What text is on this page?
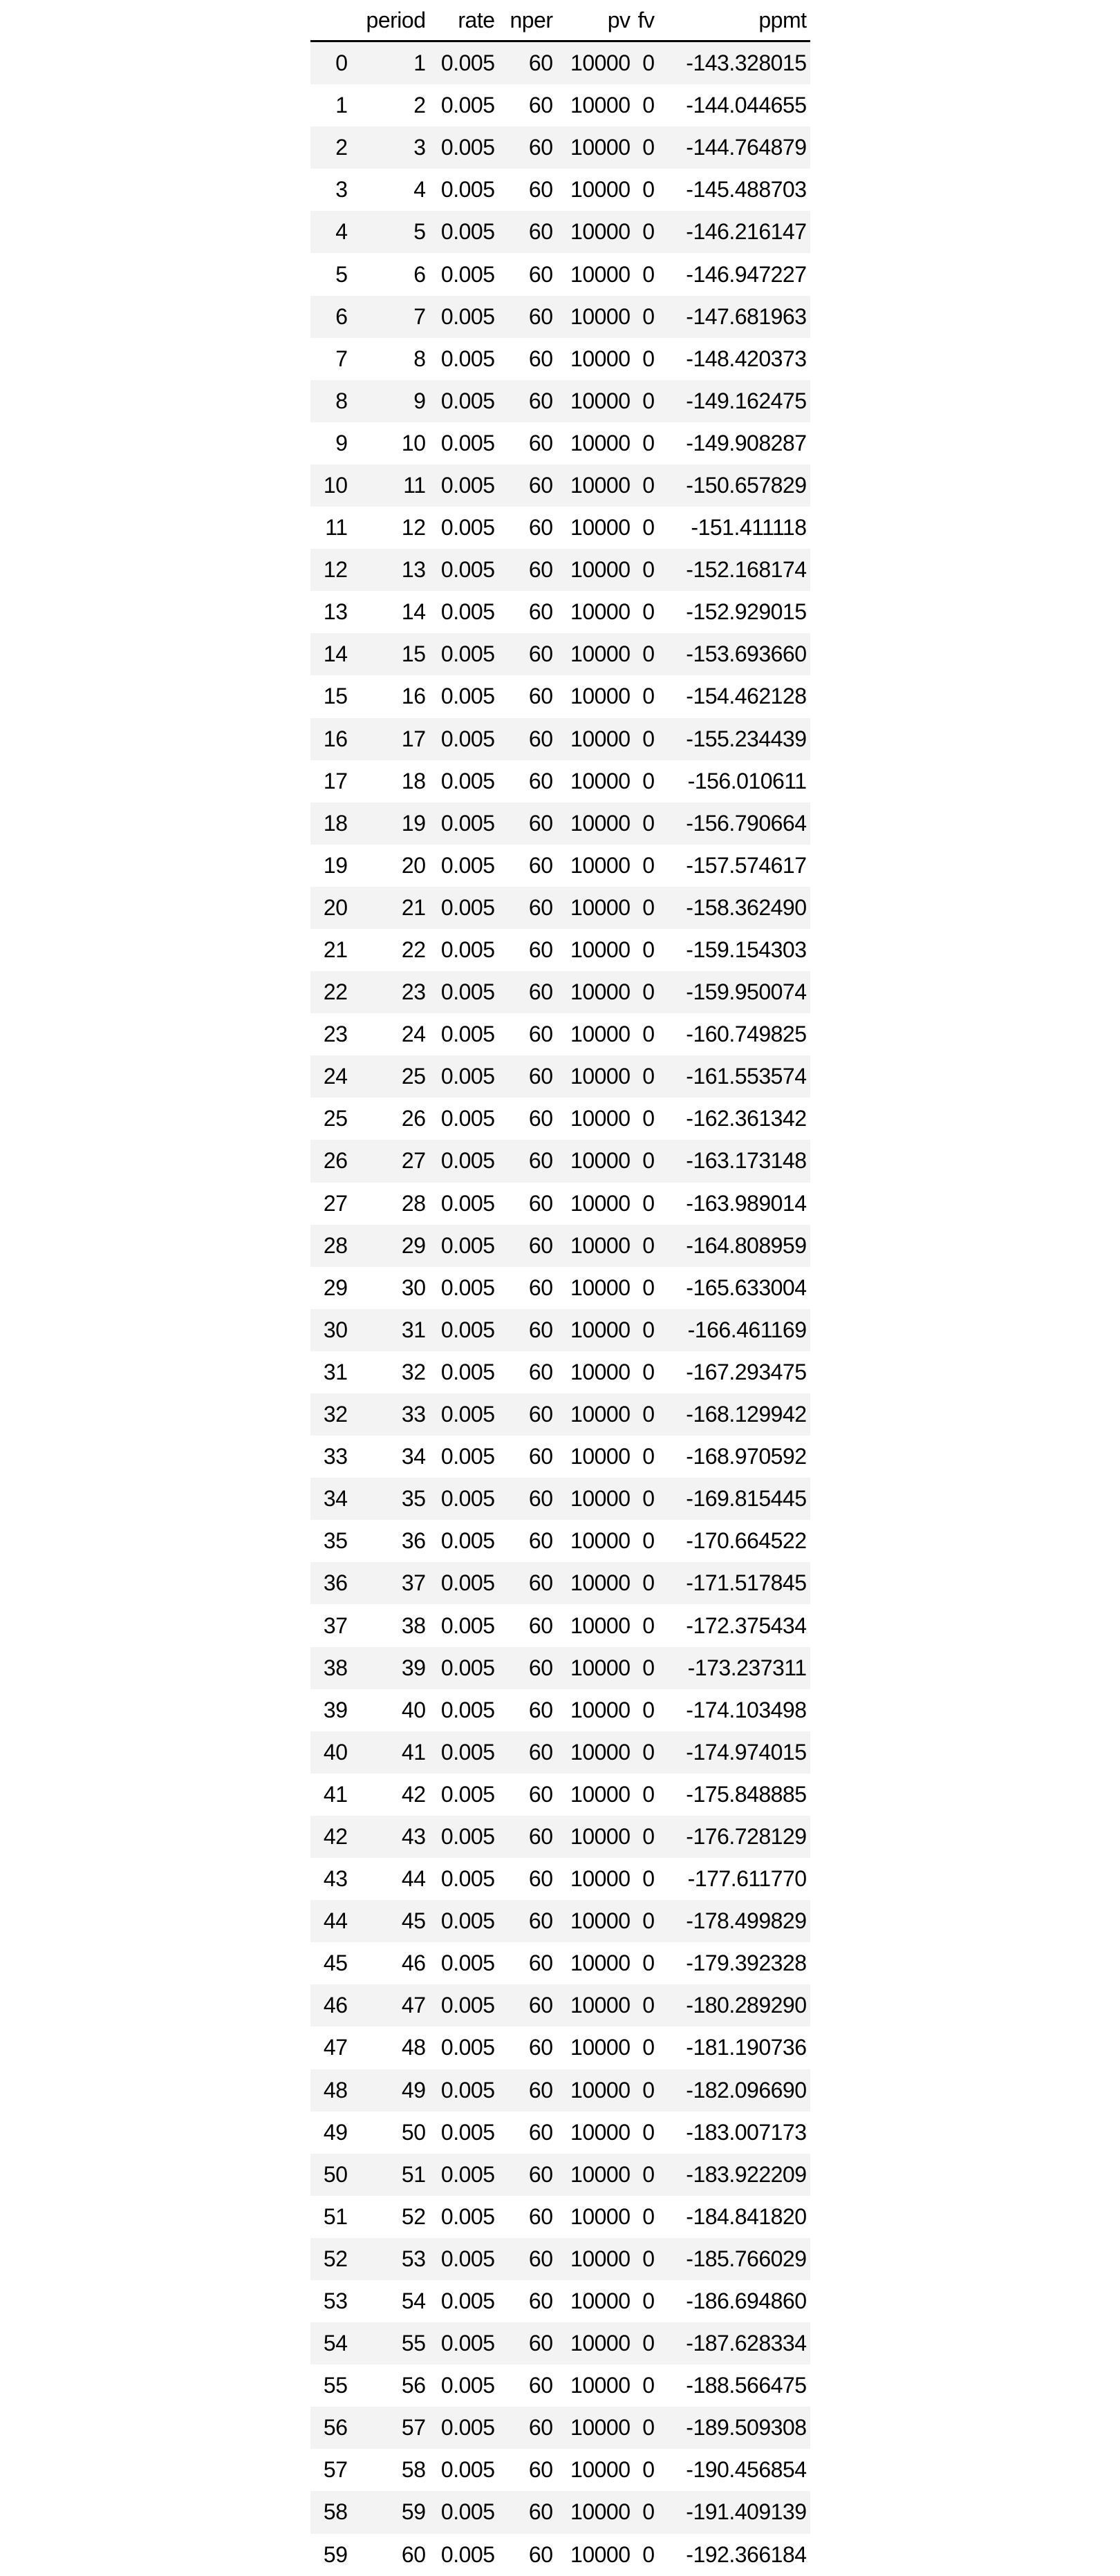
	period	rate	nper	pv	fv	ppmt
0	1	0.005	60	10000	0	-143.328015
1	2	0.005	60	10000	0	-144.044655
2	3	0.005	60	10000	0	-144.764879
3	4	0.005	60	10000	0	-145.488703
4	5	0.005	60	10000	0	-146.216147
5	6	0.005	60	10000	0	-146.947227
6	7	0.005	60	10000	0	-147.681963
7	8	0.005	60	10000	0	-148.420373
8	9	0.005	60	10000	0	-149.162475
9	10	0.005	60	10000	0	-149.908287
10	11	0.005	60	10000	0	-150.657829
11	12	0.005	60	10000	0	-151.411118
12	13	0.005	60	10000	0	-152.168174
13	14	0.005	60	10000	0	-152.929015
14	15	0.005	60	10000	0	-153.693660
15	16	0.005	60	10000	0	-154.462128
16	17	0.005	60	10000	0	-155.234439
17	18	0.005	60	10000	0	-156.010611
18	19	0.005	60	10000	0	-156.790664
19	20	0.005	60	10000	0	-157.574617
20	21	0.005	60	10000	0	-158.362490
21	22	0.005	60	10000	0	-159.154303
22	23	0.005	60	10000	0	-159.950074
23	24	0.005	60	10000	0	-160.749825
24	25	0.005	60	10000	0	-161.553574
25	26	0.005	60	10000	0	-162.361342
26	27	0.005	60	10000	0	-163.173148
27	28	0.005	60	10000	0	-163.989014
28	29	0.005	60	10000	0	-164.808959
29	30	0.005	60	10000	0	-165.633004
30	31	0.005	60	10000	0	-166.461169
31	32	0.005	60	10000	0	-167.293475
32	33	0.005	60	10000	0	-168.129942
33	34	0.005	60	10000	0	-168.970592
34	35	0.005	60	10000	0	-169.815445
35	36	0.005	60	10000	0	-170.664522
36	37	0.005	60	10000	0	-171.517845
37	38	0.005	60	10000	0	-172.375434
38	39	0.005	60	10000	0	-173.237311
39	40	0.005	60	10000	0	-174.103498
40	41	0.005	60	10000	0	-174.974015
41	42	0.005	60	10000	0	-175.848885
42	43	0.005	60	10000	0	-176.728129
43	44	0.005	60	10000	0	-177.611770
44	45	0.005	60	10000	0	-178.499829
45	46	0.005	60	10000	0	-179.392328
46	47	0.005	60	10000	0	-180.289290
47	48	0.005	60	10000	0	-181.190736
48	49	0.005	60	10000	0	-182.096690
49	50	0.005	60	10000	0	-183.007173
50	51	0.005	60	10000	0	-183.922209
51	52	0.005	60	10000	0	-184.841820
52	53	0.005	60	10000	0	-185.766029
53	54	0.005	60	10000	0	-186.694860
54	55	0.005	60	10000	0	-187.628334
55	56	0.005	60	10000	0	-188.566475
56	57	0.005	60	10000	0	-189.509308
57	58	0.005	60	10000	0	-190.456854
58	59	0.005	60	10000	0	-191.409139
59	60	0.005	60	10000	0	-192.366184
